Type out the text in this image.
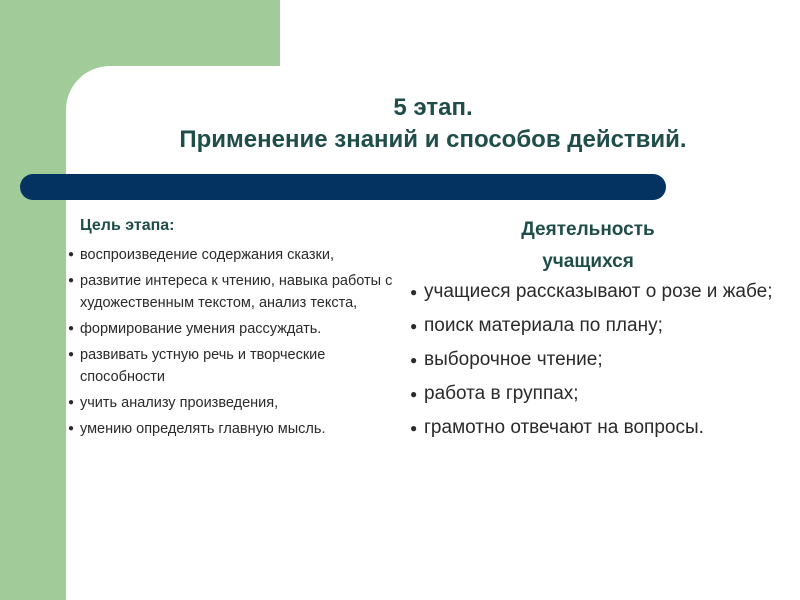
5 этап.
Применение знаний и способов действий.
Цель этапа:
● воспроизведение содержания сказки,
● развитие интереса к чтению, навыка работы с художественным текстом, анализ текста,
● формирование умения рассуждать.
● развивать устную речь и творческие способности
● учить анализу произведения,
● умению определять главную мысль.
Деятельность
учащихся
● учащиеся рассказывают о розе и жабе;
● поиск материала по плану;
● выборочное чтение;
● работа в группах;
● грамотно отвечают на вопросы.
